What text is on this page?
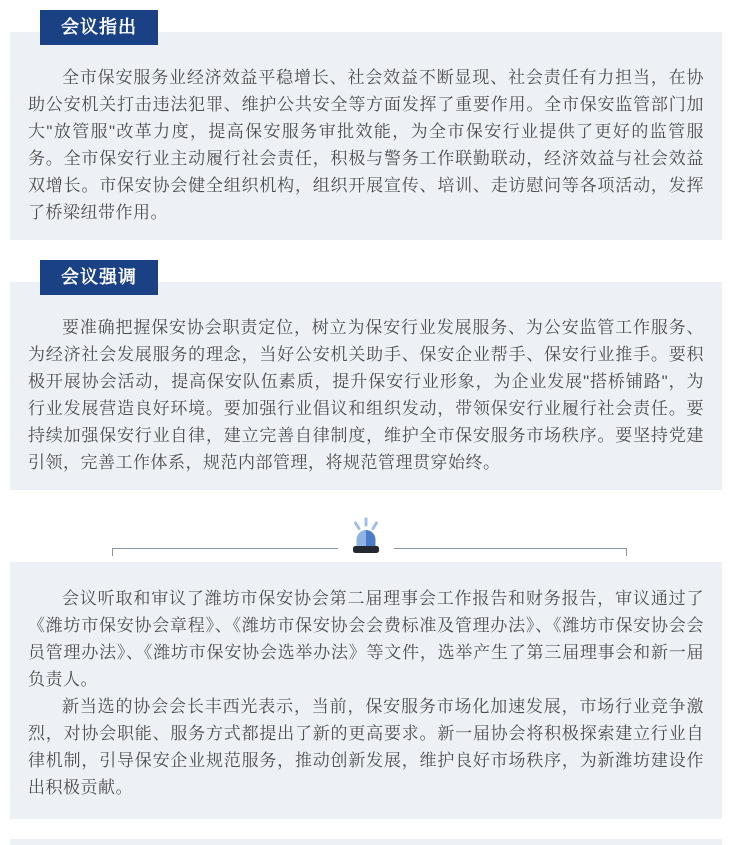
会议指出

全市保安服务业经济效益平稳增长、社会效益不断显现、社会责任有力担当，在协助公安机关打击违法犯罪、维护公共安全等方面发挥了重要作用。全市保安监管部门加大"放管服"改革力度，提高保安服务审批效能，为全市保安行业提供了更好的监管服务。全市保安行业主动履行社会责任，积极与警务工作联勤联动，经济效益与社会效益双增长。市保安协会健全组织机构，组织开展宣传、培训、走访慰问等各项活动，发挥了桥梁纽带作用。

会议强调

要准确把握保安协会职责定位，树立为保安行业发展服务、为公安监管工作服务、为经济社会发展服务的理念，当好公安机关助手、保安企业帮手、保安行业推手。要积极开展协会活动，提高保安队伍素质，提升保安行业形象，为企业发展"搭桥铺路"，为行业发展营造良好环境。要加强行业倡议和组织发动，带领保安行业履行社会责任。要持续加强保安行业自律，建立完善自律制度，维护全市保安服务市场秩序。要坚持党建引领，完善工作体系，规范内部管理，将规范管理贯穿始终。

会议听取和审议了潍坊市保安协会第二届理事会工作报告和财务报告，审议通过了《潍坊市保安协会章程》、《潍坊市保安协会会费标准及管理办法》、《潍坊市保安协会会员管理办法》、《潍坊市保安协会选举办法》等文件，选举产生了第三届理事会和新一届负责人。

新当选的协会会长丰西光表示，当前，保安服务市场化加速发展，市场行业竞争激烈，对协会职能、服务方式都提出了新的更高要求。新一届协会将积极探索建立行业自律机制，引导保安企业规范服务，推动创新发展，维护良好市场秩序，为新潍坊建设作出积极贡献。
